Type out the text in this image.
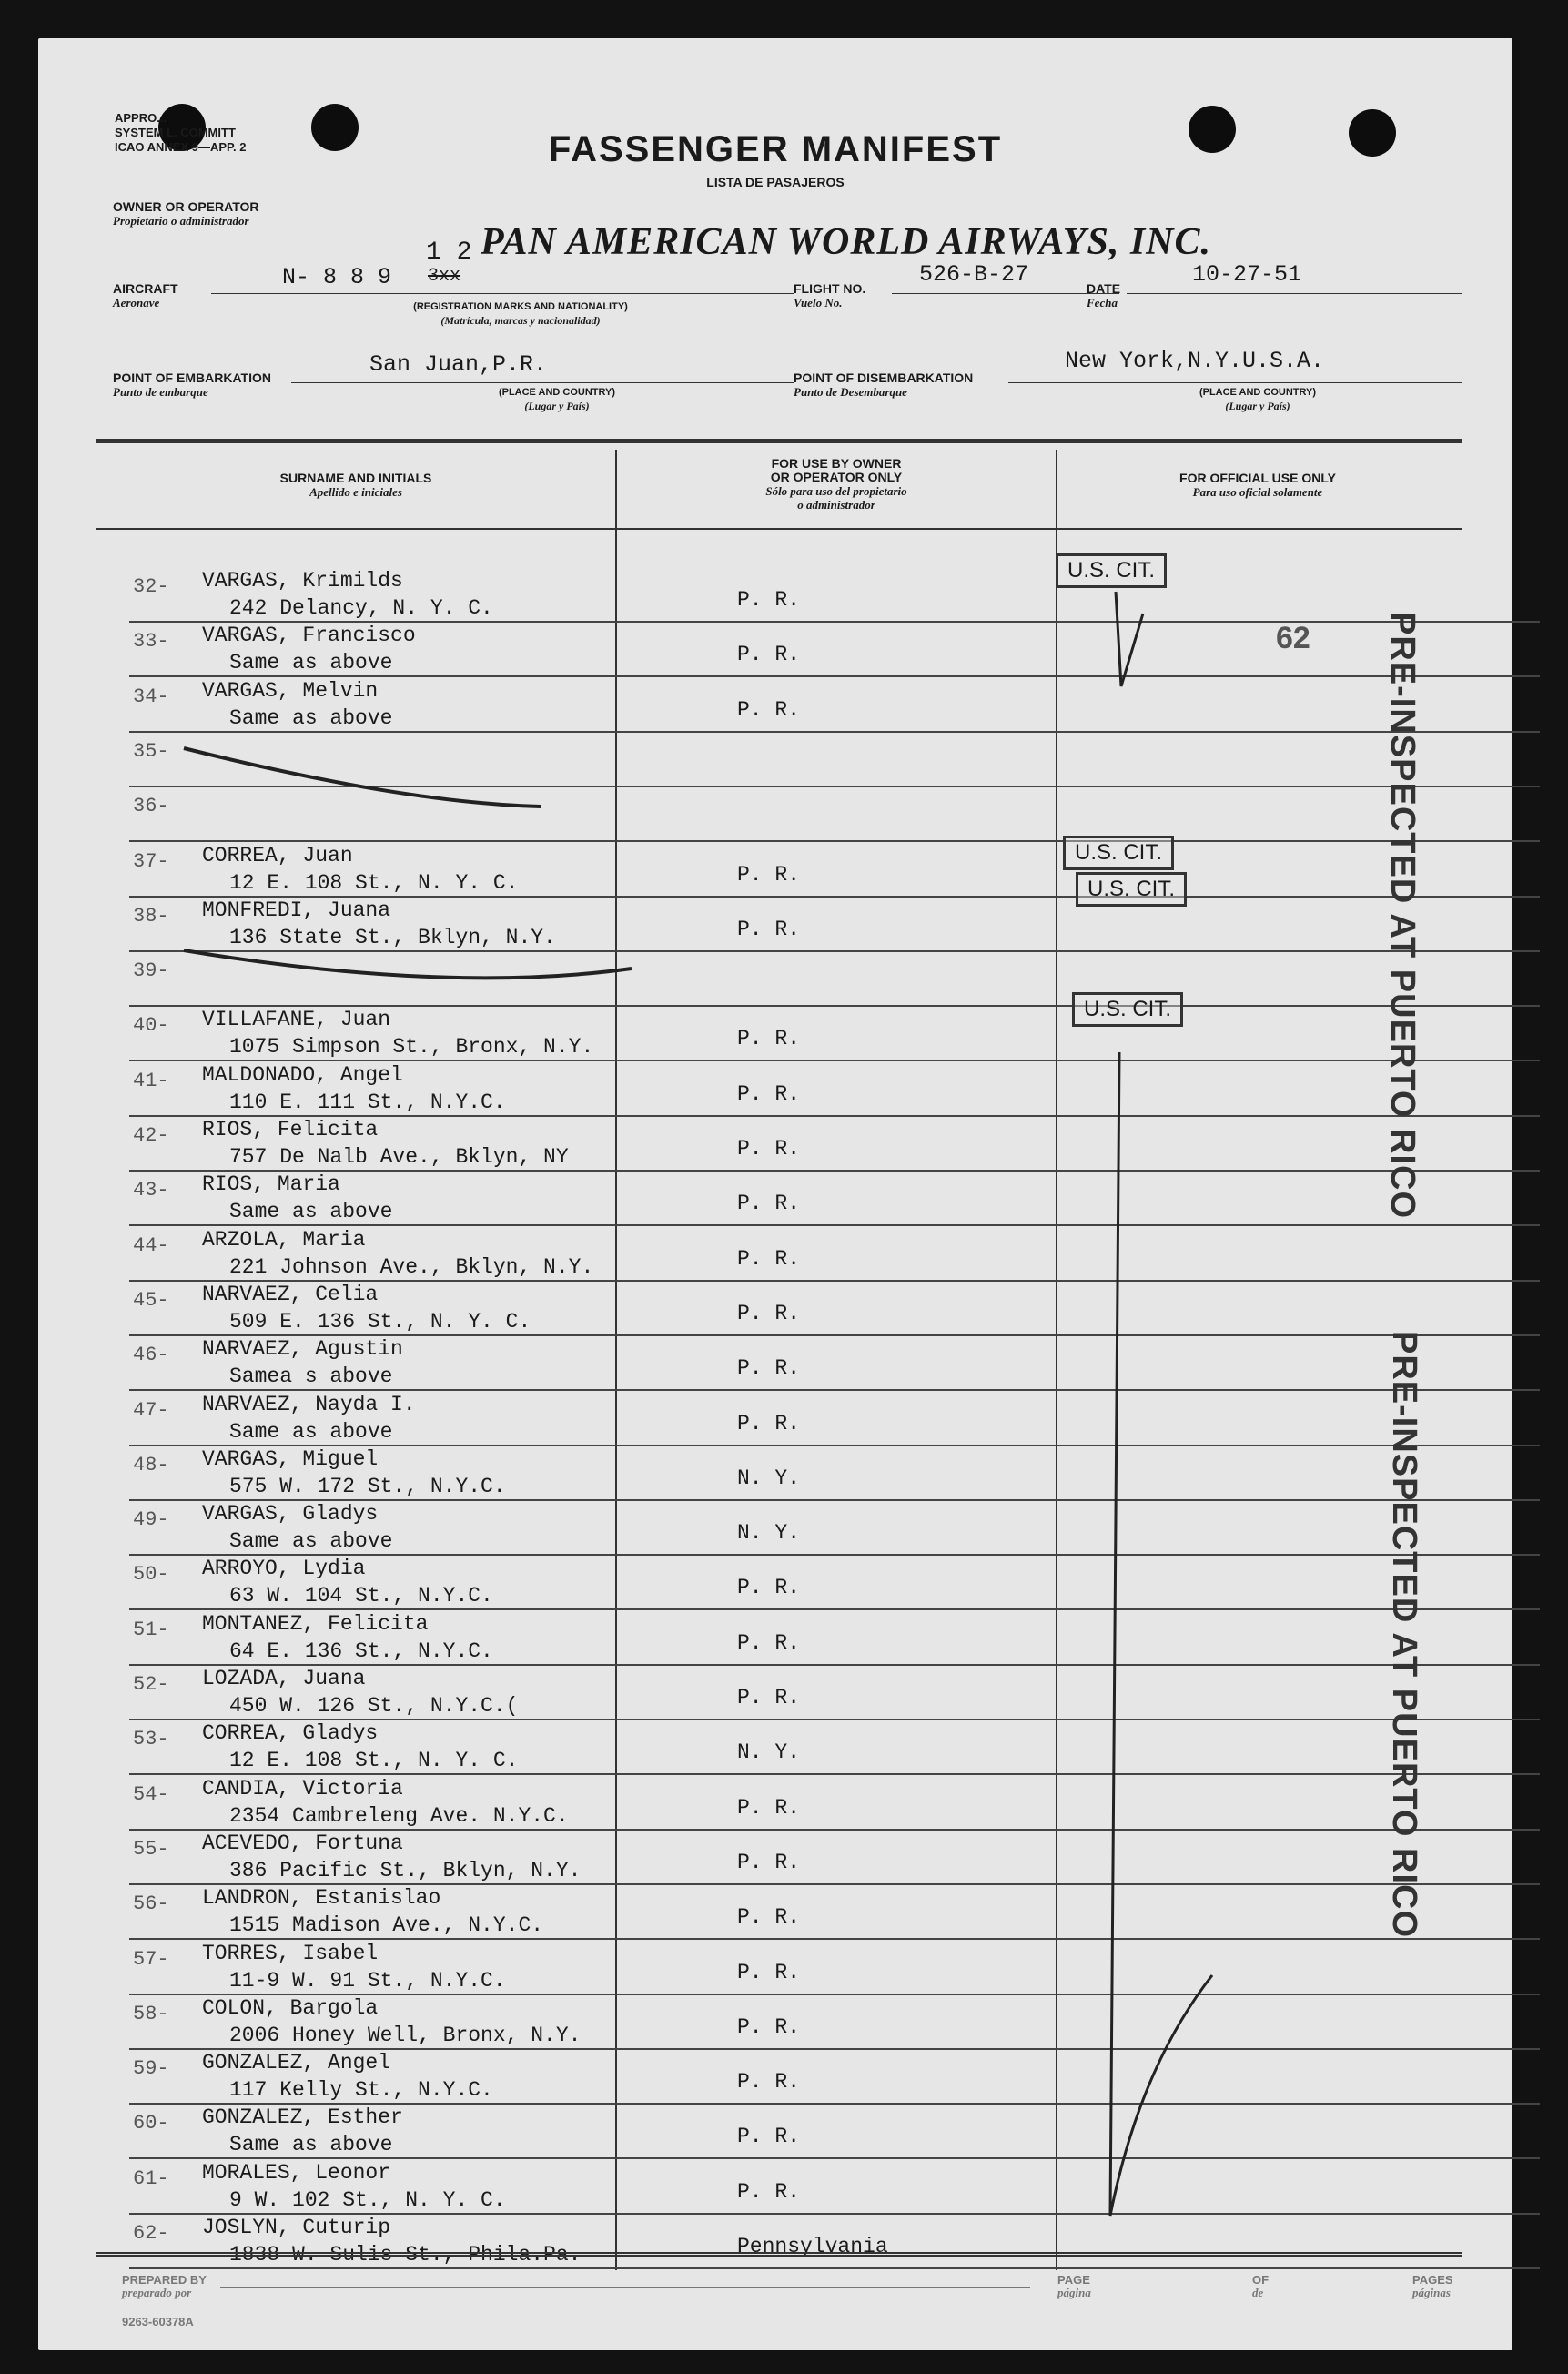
APPRO...
SYSTEM L. COMMITT
ICAO ANNEX 9—APP. 2	FASSENGER MANIFEST
LISTA DE PASAJEROS
OWNER OR OPERATOR
Propietario o administrador
PAN AMERICAN WORLD AIRWAYS, INC.
AIRCRAFT
Aeronave
N- 8 8 9
1 2
3xx
(REGISTRATION MARKS AND NATIONALITY)
(Matrícula, marcas y nacionalidad)
FLIGHT NO.
Vuelo No.
526-B-27
DATE
Fecha
10-27-51
POINT OF EMBARKATION
Punto de embarque
San Juan,P.R.
(PLACE AND COUNTRY)
(Lugar y País)
POINT OF DISEMBARKATION
Punto de Desembarque
New York,N.Y.U.S.A.
(PLACE AND COUNTRY)
(Lugar y País)
SURNAME AND INITIALS
Apellido e iniciales
FOR USE BY OWNER
OR OPERATOR ONLY
Sólo para uso del propietario
o administrador
FOR OFFICIAL USE ONLY
Para uso oficial solamente
32- VARGAS, Krimilds
242 Delancy, N. Y. C.	P. R.
33- VARGAS, Francisco
Same as above	P. R.
34- VARGAS, Melvin
Same as above	P. R.
35-
36-
37- CORREA, Juan
12 E. 108 St., N. Y. C.	P. R.
38- MONFREDI, Juana
136 State St., Bklyn, N.Y.	P. R.
39-
40- VILLAFANE, Juan
1075 Simpson St., Bronx, N.Y.	P. R.
41- MALDONADO, Angel
110 E. 111 St., N.Y.C.	P. R.
42- RIOS, Felicita
757 De Nalb Ave., Bklyn, NY	P. R.
43- RIOS, Maria
Same as above	P. R.
44- ARZOLA, Maria
221 Johnson Ave., Bklyn, N.Y.	P. R.
45- NARVAEZ, Celia
509 E. 136 St., N. Y. C.	P. R.
46- NARVAEZ, Agustin
Samea s above	P. R.
47- NARVAEZ, Nayda I.
Same as above	P. R.
48- VARGAS, Miguel
575 W. 172 St., N.Y.C.	N. Y.
49- VARGAS, Gladys
Same as above	N. Y.
50- ARROYO, Lydia
63 W. 104 St., N.Y.C.	P. R.
51- MONTANEZ, Felicita
64 E. 136 St., N.Y.C.	P. R.
52- LOZADA, Juana
450 W. 126 St., N.Y.C.(	P. R.
53- CORREA, Gladys
12 E. 108 St., N. Y. C.	N. Y.
54- CANDIA, Victoria
2354 Cambreleng Ave. N.Y.C.	P. R.
55- ACEVEDO, Fortuna
386 Pacific St., Bklyn, N.Y.	P. R.
56- LANDRON, Estanislao
1515 Madison Ave., N.Y.C.	P. R.
57- TORRES, Isabel
11-9 W. 91 St., N.Y.C.	P. R.
58- COLON, Bargola
2006 Honey Well, Bronx, N.Y.	P. R.
59- GONZALEZ, Angel
117 Kelly St., N.Y.C.	P. R.
60- GONZALEZ, Esther
Same as above	P. R.
61- MORALES, Leonor
9 W. 102 St., N. Y. C.	P. R.
62- JOSLYN, Cuturip
1838 W. Sulis St., Phila.Pa.	Pennsylvania
U.S. CIT.
U.S. CIT.
U.S. CIT.
U.S. CIT.
62 PRE-INSPECTED AT PUERTO RICO
PRE-INSPECTED AT PUERTO RICO
PREPARED BY
preparado por
PAGE
página
OF
de
PAGES
páginas
9263-60378A
